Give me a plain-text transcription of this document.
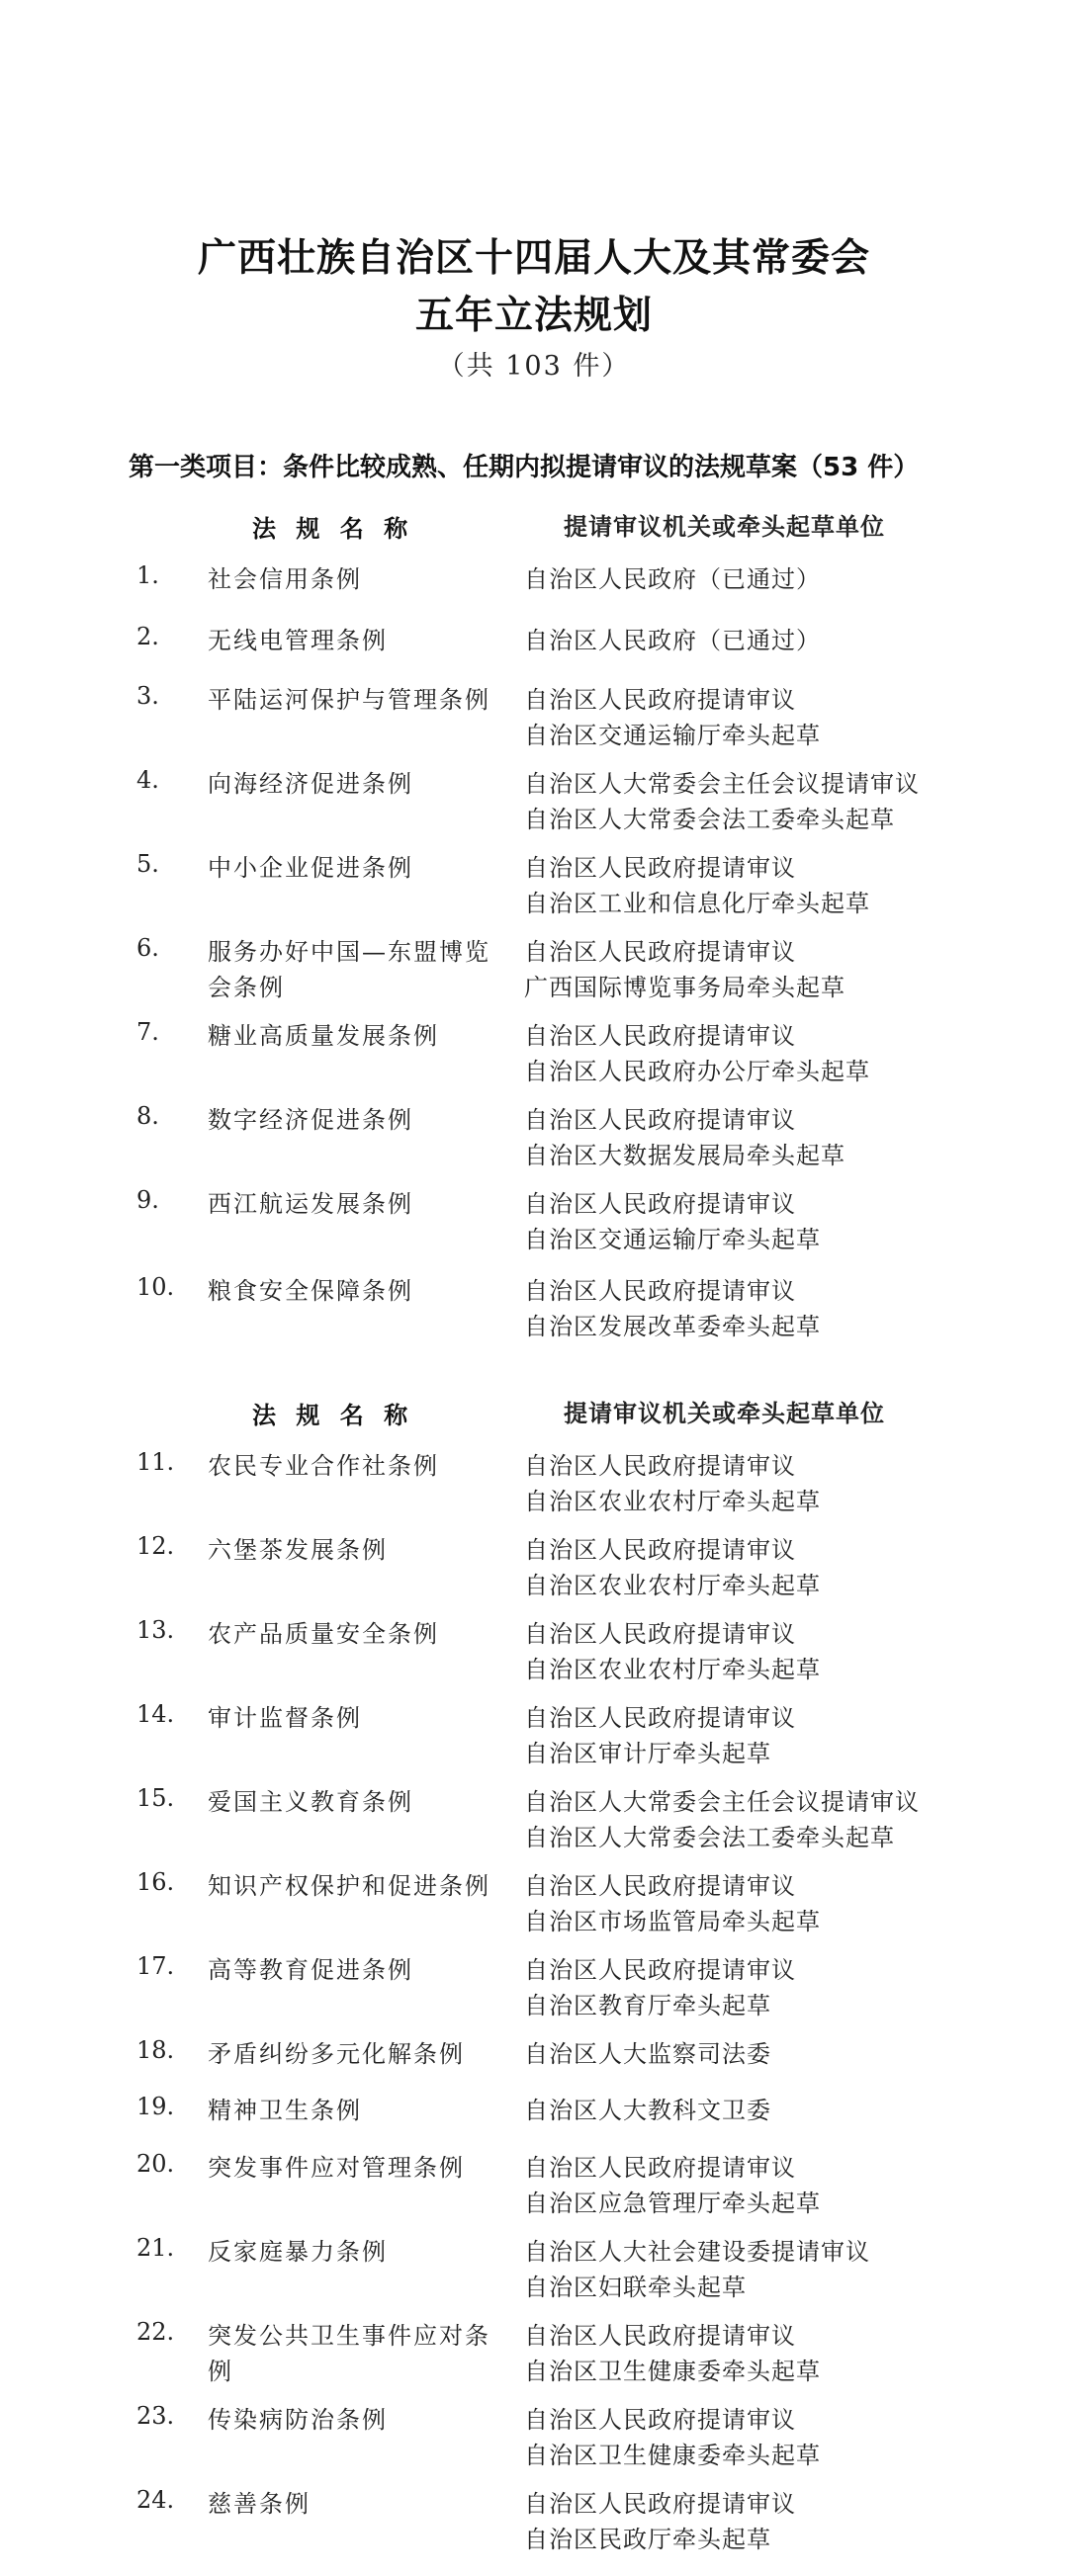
广西壮族自治区十四届人大及其常委会
五年立法规划
（共 103 件）
第一类项目：条件比较成熟、任期内拟提请审议的法规草案（53 件）
法 规 名 称	提请审议机关或牵头起草单位
法 规 名 称	提请审议机关或牵头起草单位
1. 社会信用条例	自治区人民政府（已通过）
2. 无线电管理条例	自治区人民政府（已通过）
3. 平陆运河保护与管理条例	自治区人民政府提请审议
自治区交通运输厅牵头起草
4. 向海经济促进条例	自治区人大常委会主任会议提请审议
自治区人大常委会法工委牵头起草
5. 中小企业促进条例	自治区人民政府提请审议
自治区工业和信息化厅牵头起草
6. 服务办好中国—东盟博览会条例
自治区人民政府提请审议
广西国际博览事务局牵头起草
7. 糖业高质量发展条例	自治区人民政府提请审议
自治区人民政府办公厅牵头起草
8. 数字经济促进条例	自治区人民政府提请审议
自治区大数据发展局牵头起草
9. 西江航运发展条例	自治区人民政府提请审议
自治区交通运输厅牵头起草
10. 粮食安全保障条例	自治区人民政府提请审议
自治区发展改革委牵头起草
11. 农民专业合作社条例	自治区人民政府提请审议
自治区农业农村厅牵头起草
12. 六堡茶发展条例	自治区人民政府提请审议
自治区农业农村厅牵头起草
13. 农产品质量安全条例	自治区人民政府提请审议
自治区农业农村厅牵头起草
14. 审计监督条例	自治区人民政府提请审议
自治区审计厅牵头起草
15. 爱国主义教育条例	自治区人大常委会主任会议提请审议
自治区人大常委会法工委牵头起草
16. 知识产权保护和促进条例	自治区人民政府提请审议
自治区市场监管局牵头起草
17. 高等教育促进条例	自治区人民政府提请审议
自治区教育厅牵头起草
18. 矛盾纠纷多元化解条例	自治区人大监察司法委
19. 精神卫生条例	自治区人大教科文卫委
20. 突发事件应对管理条例	自治区人民政府提请审议
自治区应急管理厅牵头起草
21. 反家庭暴力条例	自治区人大社会建设委提请审议
自治区妇联牵头起草
22. 突发公共卫生事件应对条例
自治区人民政府提请审议
自治区卫生健康委牵头起草
23. 传染病防治条例	自治区人民政府提请审议
自治区卫生健康委牵头起草
24. 慈善条例	自治区人民政府提请审议
自治区民政厅牵头起草
